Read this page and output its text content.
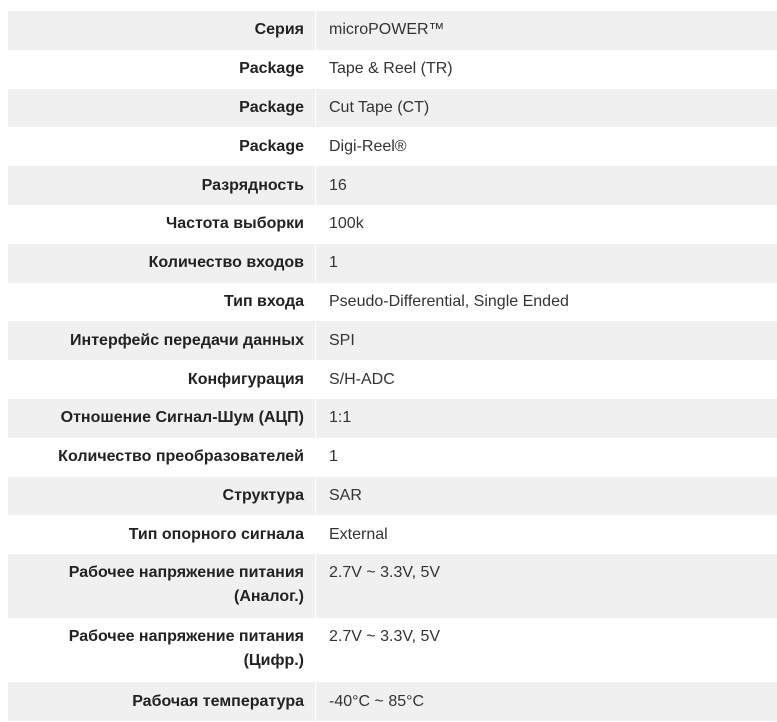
Серия		microPOWER™
Package		Tape & Reel (TR)
Package		Cut Tape (CT)
Package		Digi-Reel®
Разрядность		16
Частота выборки		100k
Количество входов		1
Тип входа		Pseudo-Differential, Single Ended
Интерфейс передачи данных		SPI
Конфигурация		S/H-ADC
Отношение Сигнал-Шум (АЦП)		1:1
Количество преобразователей		1
Структура		SAR
Тип опорного сигнала		External
Рабочее напряжение питания (Аналог.)		2.7V ~ 3.3V, 5V
Рабочее напряжение питания (Цифр.)		2.7V ~ 3.3V, 5V
Рабочая температура		-40°C ~ 85°C
